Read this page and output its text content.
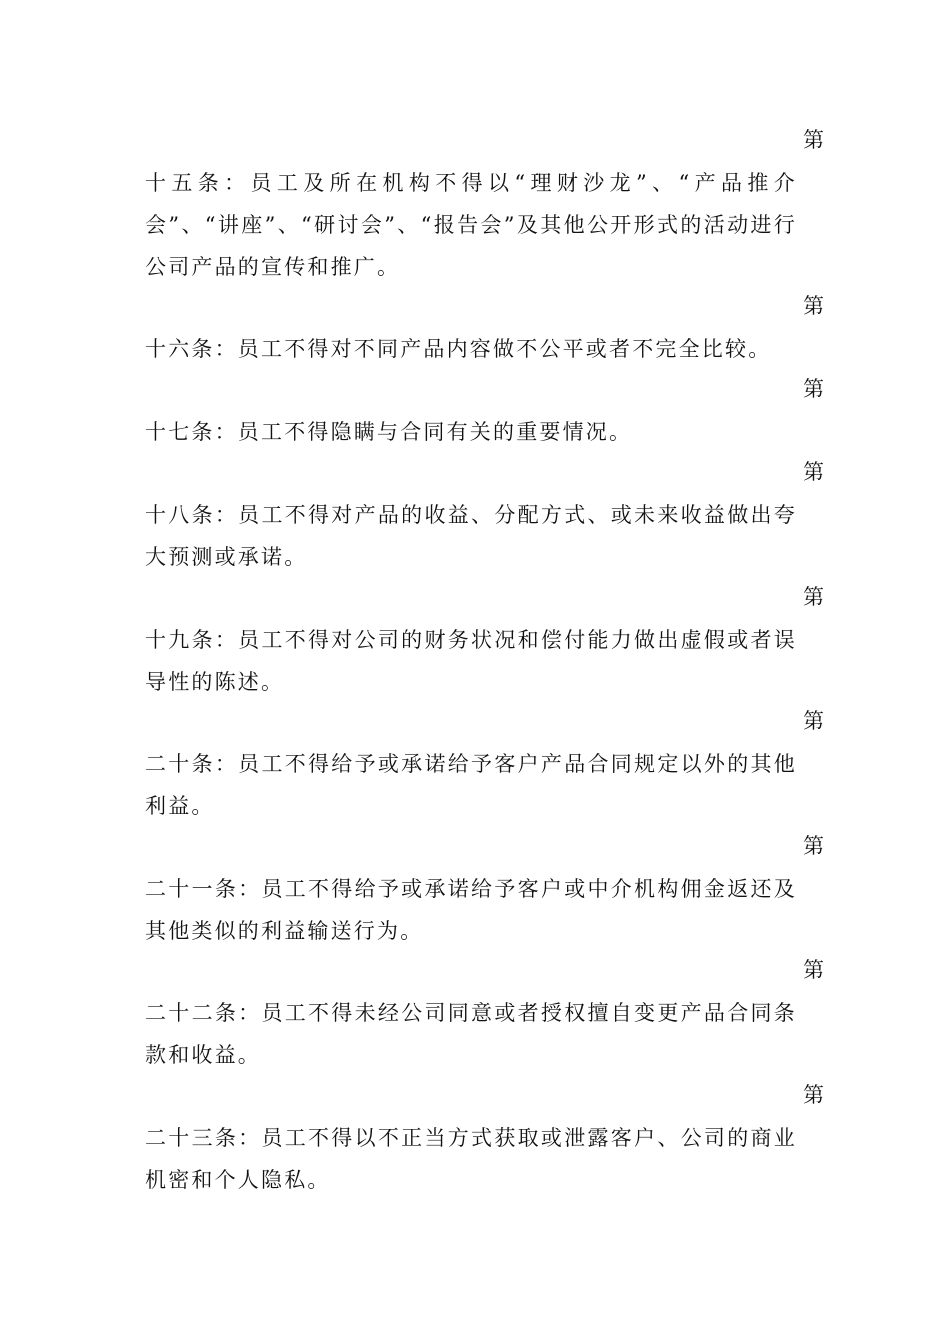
第
十五条：员工及所在机构不得以“理财沙龙”、“产品推介会”、“讲座”、“研讨会”、“报告会”及其他公开形式的活动进行公司产品的宣传和推广。
第
十六条：员工不得对不同产品内容做不公平或者不完全比较。
第
十七条：员工不得隐瞒与合同有关的重要情况。
第
十八条：员工不得对产品的收益、分配方式、或未来收益做出夸大预测或承诺。
第
十九条：员工不得对公司的财务状况和偿付能力做出虚假或者误导性的陈述。
第
二十条：员工不得给予或承诺给予客户产品合同规定以外的其他利益。
第
二十一条：员工不得给予或承诺给予客户或中介机构佣金返还及其他类似的利益输送行为。
第
二十二条：员工不得未经公司同意或者授权擅自变更产品合同条款和收益。
第
二十三条：员工不得以不正当方式获取或泄露客户、公司的商业机密和个人隐私。
